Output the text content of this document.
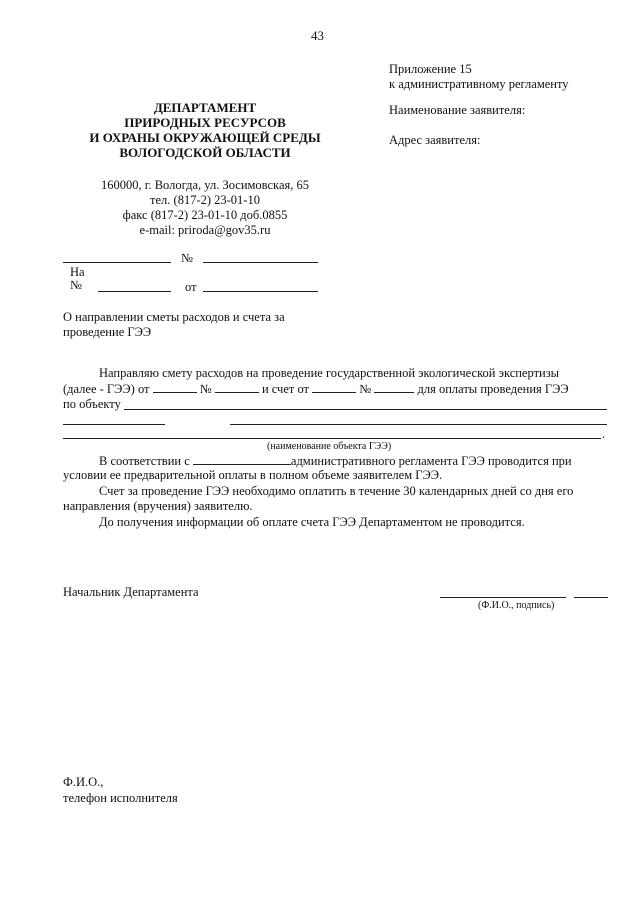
43
Приложение 15
к административному регламенту
Наименование заявителя:
Адрес заявителя:
ДЕПАРТАМЕНТ
ПРИРОДНЫХ РЕСУРСОВ
И ОХРАНЫ ОКРУЖАЮЩЕЙ СРЕДЫ
ВОЛОГОДСКОЙ ОБЛАСТИ
160000, г. Вологда, ул. Зосимовская, 65
тел. (817-2) 23-01-10
факс (817-2) 23-01-10 доб.0855
e-mail: priroda@gov35.ru
№
На
№	от
О направлении сметы расходов и счета за
проведение ГЭЭ
Направляю смету расходов на проведение государственной экологической экспертизы
(далее - ГЭЭ) от	№	и счет от	№	для оплаты проведения ГЭЭ
по объекту
.
(наименование объекта ГЭЭ)
В соответствии с	административного регламента ГЭЭ проводится при
условии ее предварительной оплаты в полном объеме заявителем ГЭЭ.
Счет за проведение ГЭЭ необходимо оплатить в течение 30 календарных дней со дня его
направления (вручения) заявителю.
До получения информации об оплате счета ГЭЭ Департаментом не проводится.
Начальник Департамента
(Ф.И.О., подпись)
Ф.И.О.,
телефон исполнителя
